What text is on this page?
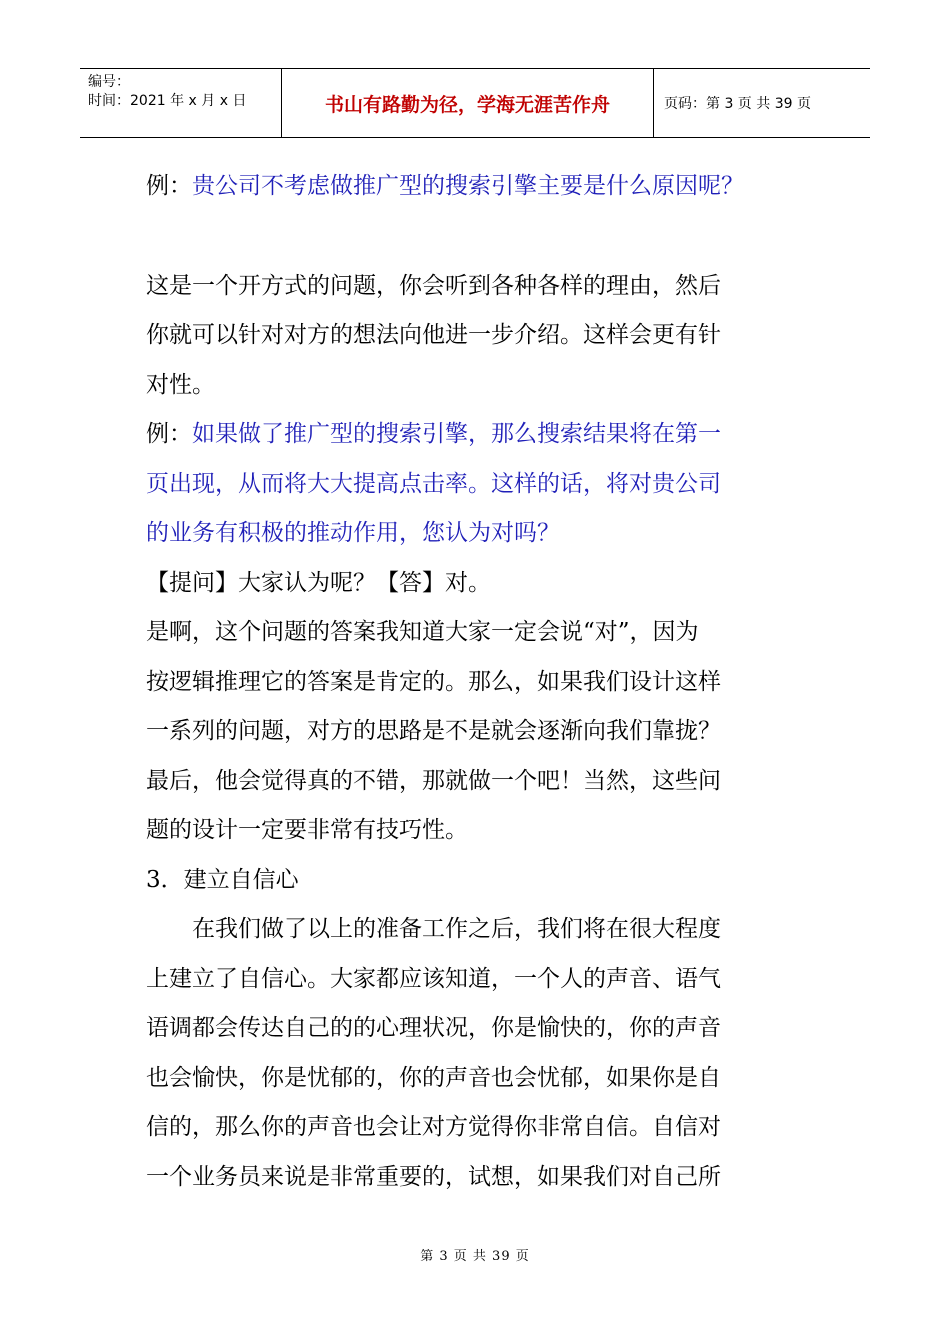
编号：
时间：2021 年 x 月 x 日	书山有路勤为径，学海无涯苦作舟	页码：第 3 页 共 39 页

例：贵公司不考虑做推广型的搜索引擎主要是什么原因呢？

这是一个开方式的问题，你会听到各种各样的理由，然后

你就可以针对对方的想法向他进一步介绍。这样会更有针

对性。

例：如果做了推广型的搜索引擎，那么搜索结果将在第一

页出现，从而将大大提高点击率。这样的话，将对贵公司

的业务有积极的推动作用，您认为对吗？

【提问】大家认为呢？【答】对。

是啊，这个问题的答案我知道大家一定会说“对”，因为

按逻辑推理它的答案是肯定的。那么，如果我们设计这样

一系列的问题，对方的思路是不是就会逐渐向我们靠拢？

最后，他会觉得真的不错，那就做一个吧！当然，这些问

题的设计一定要非常有技巧性。

3．建立自信心

　　在我们做了以上的准备工作之后，我们将在很大程度

上建立了自信心。大家都应该知道，一个人的声音、语气

语调都会传达自己的的心理状况，你是愉快的，你的声音

也会愉快，你是忧郁的，你的声音也会忧郁，如果你是自

信的，那么你的声音也会让对方觉得你非常自信。自信对

一个业务员来说是非常重要的，试想，如果我们对自己所

第 3 页 共 39 页
